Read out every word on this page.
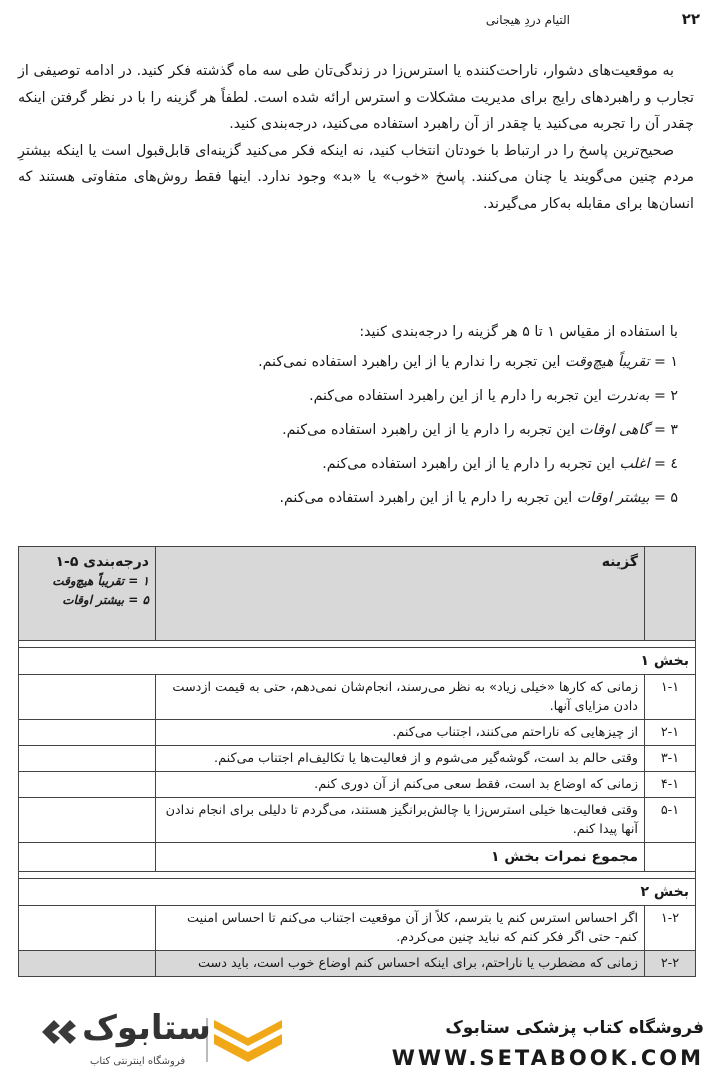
۲۲
التیام دردِ هیجانی

به موقعیت‌های دشوار، ناراحت‌کننده یا استرس‌زا در زندگی‌تان طی سه ماه گذشته فکر کنید. در ادامه توصیفی از تجارب و راهبردهای رایج برای مدیریت مشکلات و استرس ارائه شده است. لطفاً هر گزینه را با در نظر گرفتن اینکه چقدر آن را تجربه می‌کنید یا چقدر از آن راهبرد استفاده می‌کنید، درجه‌بندی کنید.

صحیح‌ترین پاسخ را در ارتباط با خودتان انتخاب کنید، نه اینکه فکر می‌کنید گزینه‌ای قابل‌قبول است یا اینکه بیشترِ مردم چنین می‌گویند یا چنان می‌کنند. پاسخ «خوب» یا «بد» وجود ندارد. اینها فقط روش‌های متفاوتی هستند که انسان‌ها برای مقابله به‌کار می‌گیرند.

با استفاده از مقیاس ۱ تا ۵ هر گزینه را درجه‌بندی کنید:
۱ = تقریباً هیچ‌وقت این تجربه را ندارم یا از این راهبرد استفاده نمی‌کنم.
۲ = به‌ندرت این تجربه را دارم یا از این راهبرد استفاده می‌کنم.
۳ = گاهی اوقات این تجربه را دارم یا از این راهبرد استفاده می‌کنم.
٤ = اغلب این تجربه را دارم یا از این راهبرد استفاده می‌کنم.
۵ = بیشتر اوقات این تجربه را دارم یا از این راهبرد استفاده می‌کنم.
	گزینه	درجه‌بندی ۵-۱
۱ = تقریباً هیچ‌وقت
۵ = بیشتر اوقات

بخش ۱		
۱-۱	زمانی که کارها «خیلی زیاد» به نظر می‌رسند، انجام‌شان نمی‌دهم، حتی به قیمت ازدست دادن مزایای آنها.	
۲-۱	از چیزهایی که ناراحتم می‌کنند، اجتناب می‌کنم.	
۳-۱	وقتی حالم بد است، گوشه‌گیر می‌شوم و از فعالیت‌ها یا تکالیف‌ام اجتناب می‌کنم.	
۴-۱	زمانی که اوضاع بد است، فقط سعی می‌کنم از آن دوری کنم.	
۵-۱	وقتی فعالیت‌ها خیلی استرس‌زا یا چالش‌برانگیز هستند، می‌گردم تا دلیلی برای انجام ندادن آنها پیدا کنم.	
	مجموع نمرات بخش ۱	

بخش ۲		
۱-۲	اگر احساس استرس کنم یا بترسم، کلاً از آن موقعیت اجتناب می‌کنم تا احساس امنیت کنم- حتی اگر فکر کنم که نباید چنین می‌کردم.	
۲-۲	زمانی که مضطرب یا ناراحتم، برای اینکه احساس کنم اوضاع خوب است، باید دست	
فروشگاه کتاب پزشکی ستابوک
WWW.SETABOOK.COM
ستابوک
فروشگاه اینترنتی کتاب
